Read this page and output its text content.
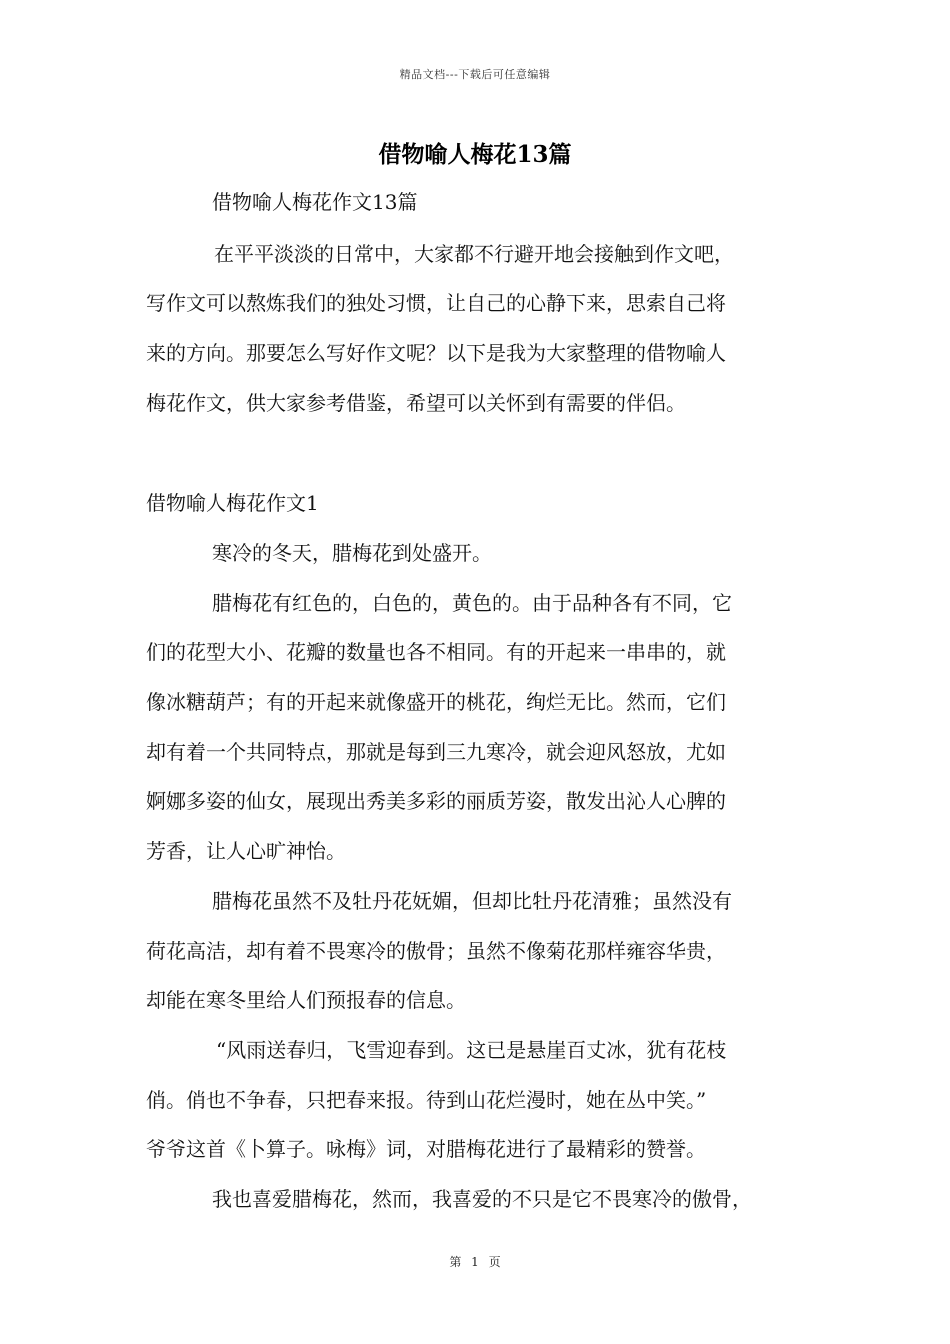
精品文档---下载后可任意编辑
借物喻人梅花13篇
借物喻人梅花作文13篇
在平平淡淡的日常中，大家都不行避开地会接触到作文吧，
写作文可以熬炼我们的独处习惯，让自己的心静下来，思索自己将
来的方向。那要怎么写好作文呢？以下是我为大家整理的借物喻人
梅花作文，供大家参考借鉴，希望可以关怀到有需要的伴侣。
借物喻人梅花作文1
寒冷的冬天，腊梅花到处盛开。
腊梅花有红色的，白色的，黄色的。由于品种各有不同，它
们的花型大小、花瓣的数量也各不相同。有的开起来一串串的，就
像冰糖葫芦；有的开起来就像盛开的桃花，绚烂无比。然而，它们
却有着一个共同特点，那就是每到三九寒冷，就会迎风怒放，尤如
婀娜多姿的仙女，展现出秀美多彩的丽质芳姿，散发出沁人心脾的
芳香，让人心旷神怡。
腊梅花虽然不及牡丹花妩媚，但却比牡丹花清雅；虽然没有
荷花高洁，却有着不畏寒冷的傲骨；虽然不像菊花那样雍容华贵，
却能在寒冬里给人们预报春的信息。
“风雨送春归，飞雪迎春到。这已是悬崖百丈冰，犹有花枝
俏。俏也不争春，只把春来报。待到山花烂漫时，她在丛中笑。”
爷爷这首《卜算子。咏梅》词，对腊梅花进行了最精彩的赞誉。
我也喜爱腊梅花，然而，我喜爱的不只是它不畏寒冷的傲骨，
第 1 页
